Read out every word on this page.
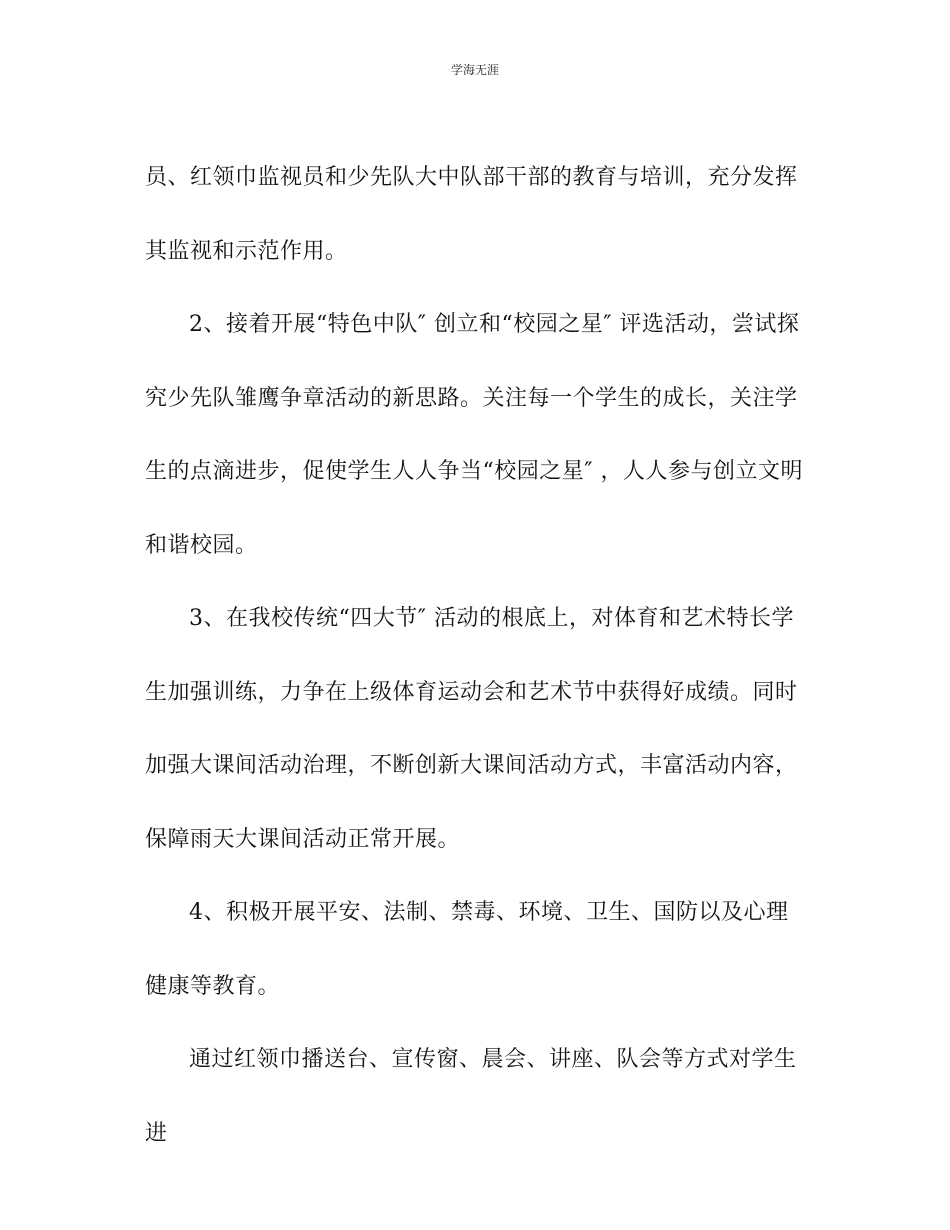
学海无涯

员、红领巾监视员和少先队大中队部干部的教育与培训，充分发挥其监视和示范作用。

2、接着开展“特色中队″ 创立和“校园之星″ 评选活动，尝试探究少先队雏鹰争章活动的新思路。关注每一个学生的成长，关注学生的点滴进步，促使学生人人争当“校园之星″ ，人人参与创立文明和谐校园。

3、在我校传统“四大节″ 活动的根底上，对体育和艺术特长学生加强训练，力争在上级体育运动会和艺术节中获得好成绩。同时加强大课间活动治理，不断创新大课间活动方式，丰富活动内容，保障雨天大课间活动正常开展。

4、积极开展平安、法制、禁毒、环境、卫生、国防以及心理健康等教育。

通过红领巾播送台、宣传窗、晨会、讲座、队会等方式对学生进
